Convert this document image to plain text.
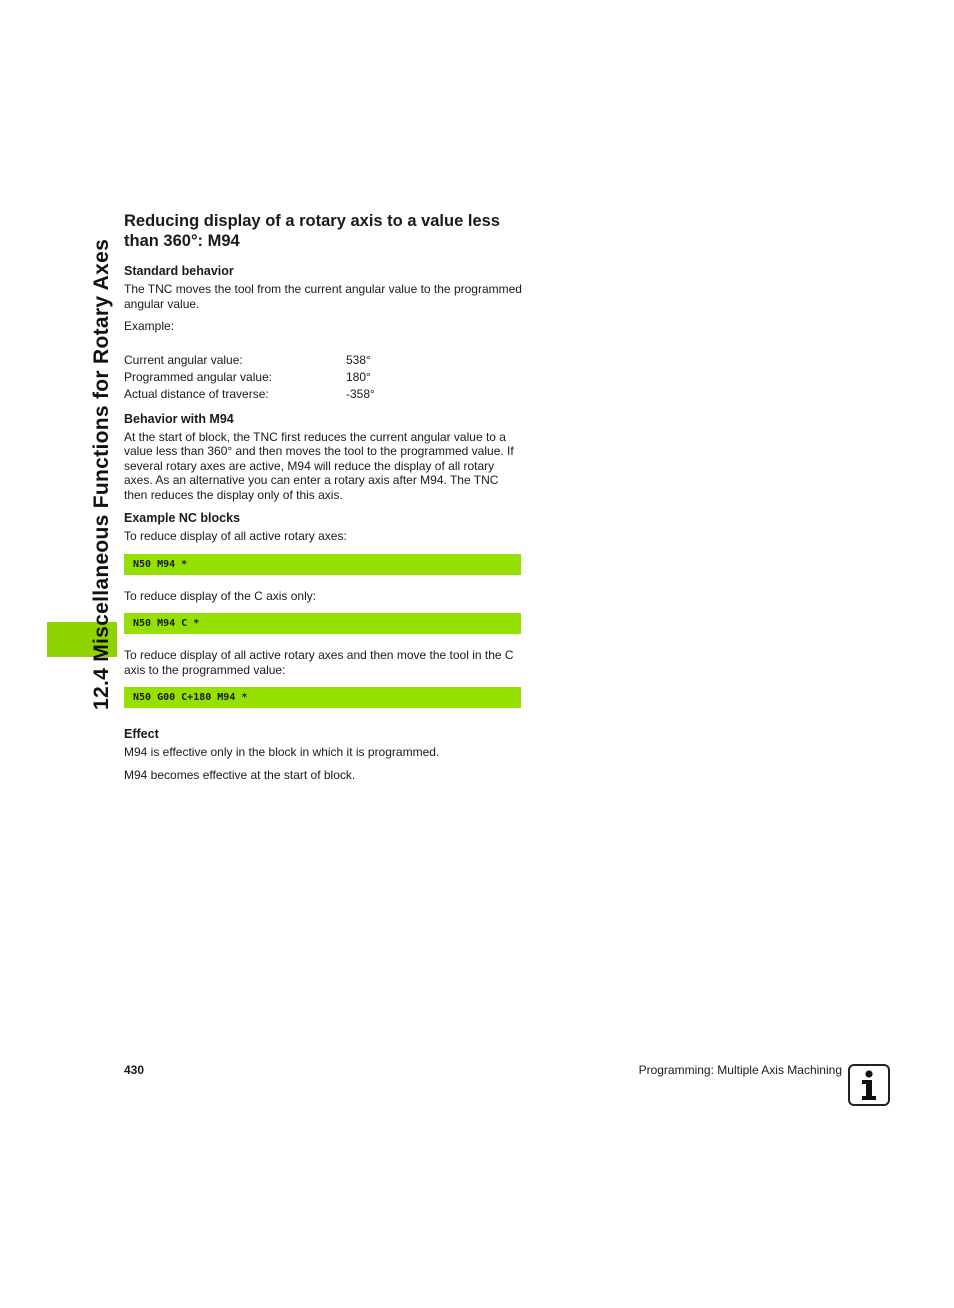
12.4 Miscellaneous Functions for Rotary Axes
Reducing display of a rotary axis to a value less than 360°: M94
Standard behavior

The TNC moves the tool from the current angular value to the programmed angular value.

Example:

Current angular value:	538°
Programmed angular value:	180°
Actual distance of traverse:	-358°
Behavior with M94

At the start of block, the TNC first reduces the current angular value to a value less than 360° and then moves the tool to the programmed value. If several rotary axes are active, M94 will reduce the display of all rotary axes. As an alternative you can enter a rotary axis after M94. The TNC then reduces the display only of this axis.

Example NC blocks

To reduce display of all active rotary axes:

N50 M94 *

To reduce display of the C axis only:

N50 M94 C *

To reduce display of all active rotary axes and then move the tool in the C axis to the programmed value:

N50 G00 C+180 M94 *
Effect

M94 is effective only in the block in which it is programmed.

M94 becomes effective at the start of block.

430	Programming: Multiple Axis Machining
